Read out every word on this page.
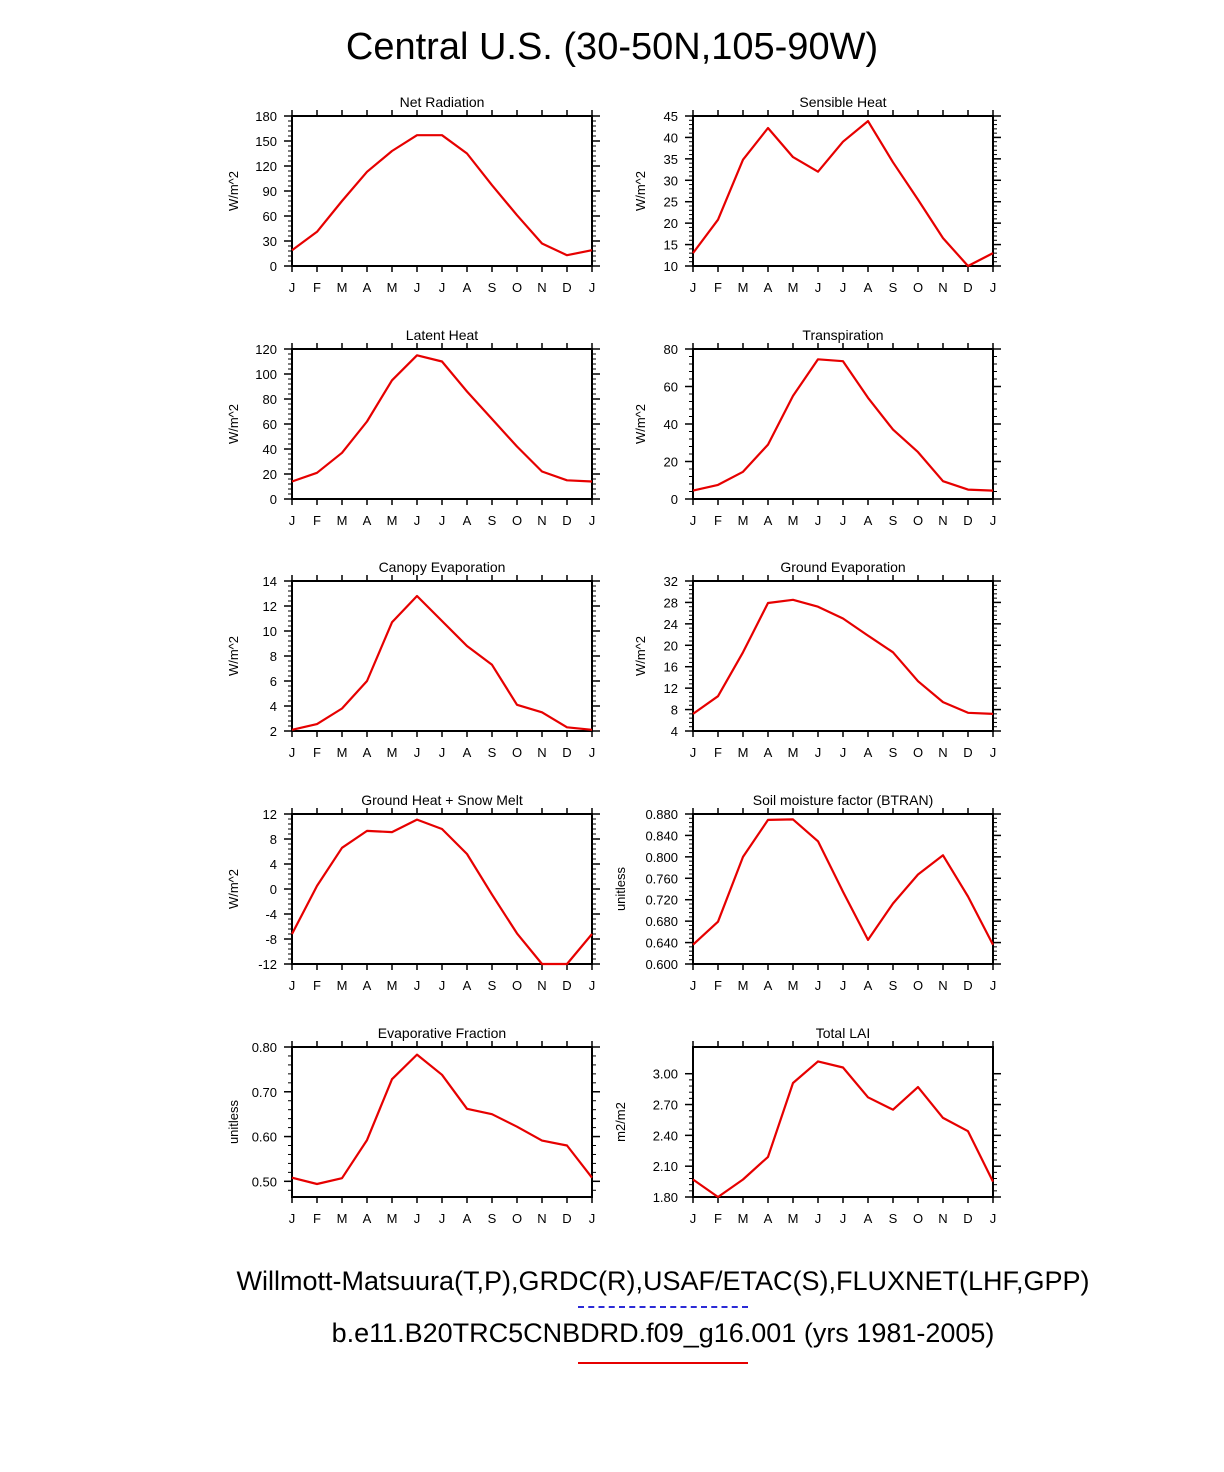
Central U.S. (30-50N,105-90W)
J F M A M J J A S O N D J
0
30
60
90
120
150
180
Net Radiation
W/m^2
J F M A M J J A S O N D J
10
15
20
25
30
35
40
45
Sensible Heat
W/m^2
J F M A M J J A S O N D J
0
20
40
60
80
100
120
Latent Heat
W/m^2
J F M A M J J A S O N D J
0
20
40
60
80
Transpiration
W/m^2
J F M A M J J A S O N D J
2
4
6
8
10
12
14
Canopy Evaporation
W/m^2
J F M A M J J A S O N D J
4
8
12
16
20
24
28
32
Ground Evaporation
W/m^2
J F M A M J J A S O N D J
-12
-8
-4
0
4
8
12
Ground Heat + Snow Melt
W/m^2
J F M A M J J A S O N D J
0.600
0.640
0.680
0.720
0.760
0.800
0.840
0.880
Soil moisture factor (BTRAN)
unitless
J F M A M J J A S O N D J
0.50
0.60
0.70
0.80
Evaporative Fraction
unitless
J F M A M J J A S O N D J
1.80
2.10
2.40
2.70
3.00
Total LAI
m2/m2
Willmott-Matsuura(T,P),GRDC(R),USAF/ETAC(S),FLUXNET(LHF,GPP)
b.e11.B20TRC5CNBDRD.f09_g16.001 (yrs 1981-2005)
